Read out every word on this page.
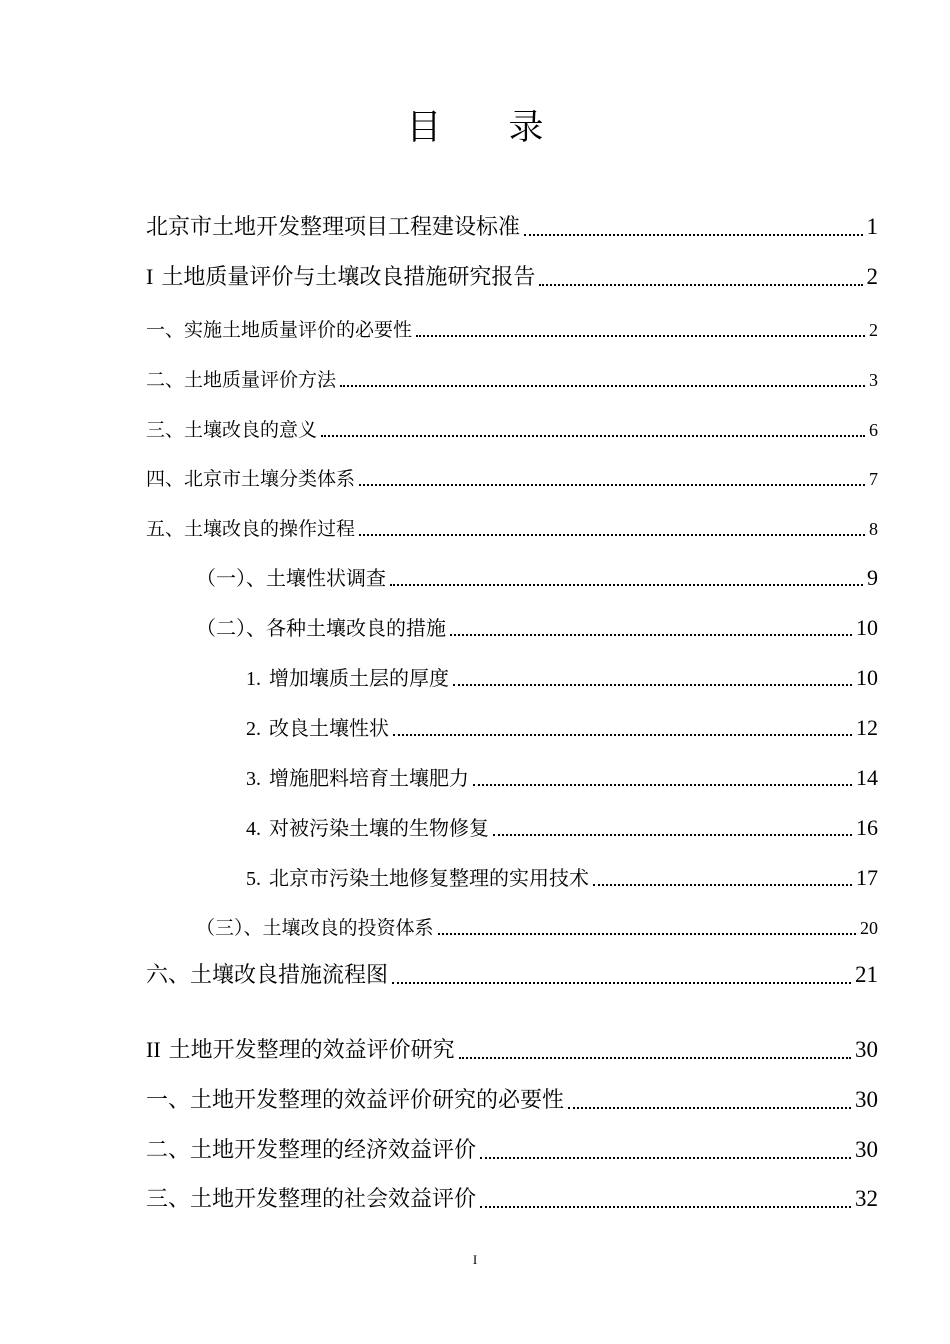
目 录
北京市土地开发整理项目工程建设标准	1
I 土地质量评价与土壤改良措施研究报告	2
一、实施土地质量评价的必要性	2
二、土地质量评价方法	3
三、土壤改良的意义	6
四、北京市土壤分类体系	7
五、土壤改良的操作过程	8
（一）、土壤性状调查	9
（二）、各种土壤改良的措施	10
1. 增加壤质土层的厚度	10
2. 改良土壤性状	12
3. 增施肥料培育土壤肥力	14
4. 对被污染土壤的生物修复	16
5. 北京市污染土地修复整理的实用技术	17
（三）、土壤改良的投资体系	20
六、土壤改良措施流程图	21
II 土地开发整理的效益评价研究	30
一、土地开发整理的效益评价研究的必要性	30
二、土地开发整理的经济效益评价	30
三、土地开发整理的社会效益评价	32
I
